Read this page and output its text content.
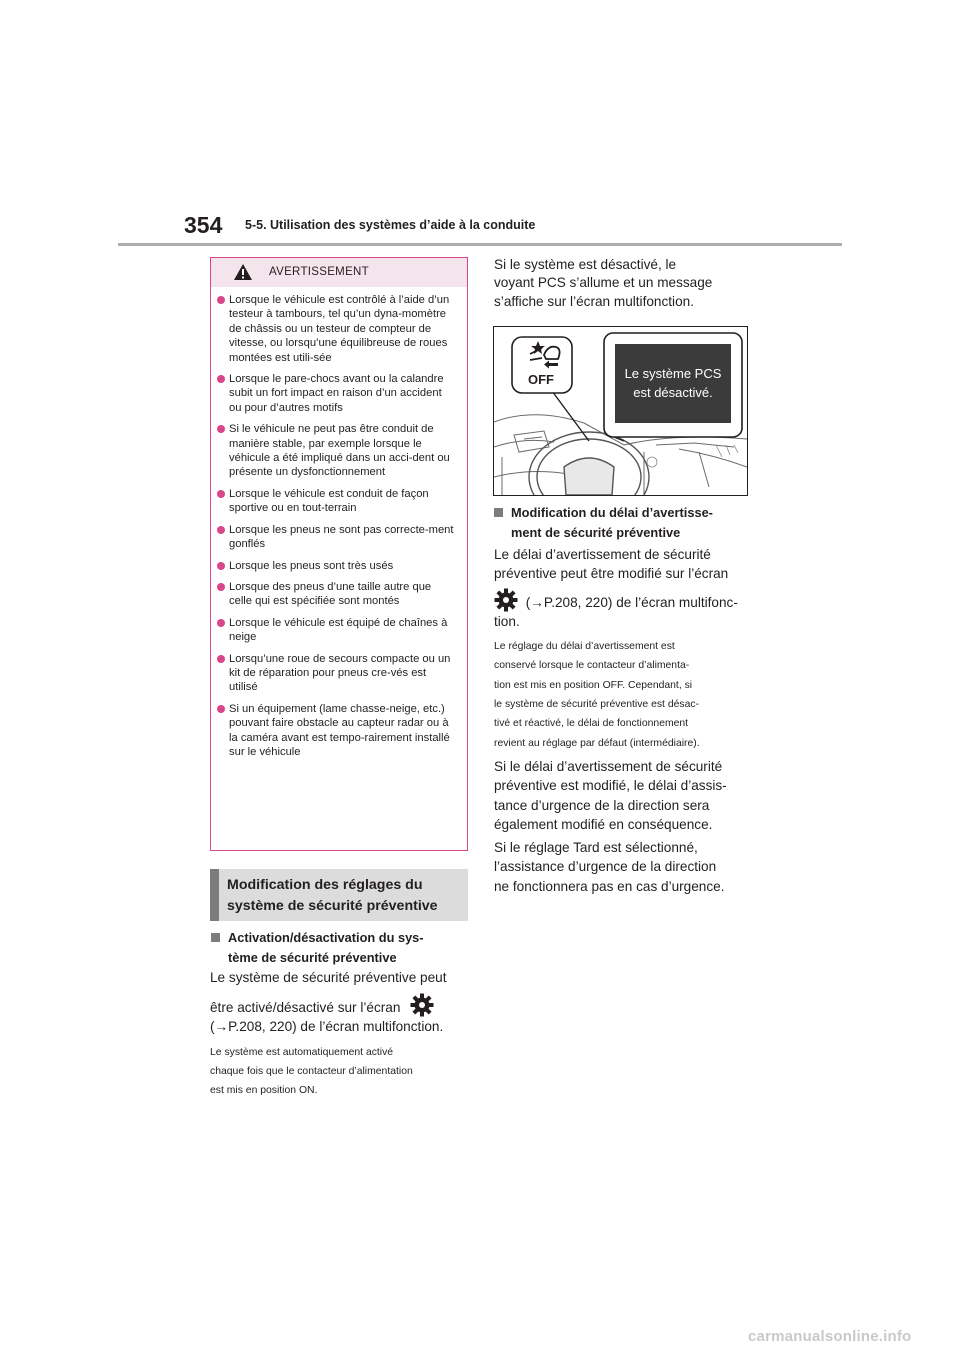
354 5-5. Utilisation des systèmes d’aide à la conduite
AVERTISSEMENT
Lorsque le véhicule est contrôlé à l’aide d’un testeur à tambours, tel qu’un dyna-momètre de châssis ou un testeur de compteur de vitesse, ou lorsqu’une équilibreuse de roues montées est utili-sée
Lorsque le pare-chocs avant ou la calandre subit un fort impact en raison d’un accident ou pour d’autres motifs
Si le véhicule ne peut pas être conduit de manière stable, par exemple lorsque le véhicule a été impliqué dans un acci-dent ou présente un dysfonctionnement
Lorsque le véhicule est conduit de façon sportive ou en tout-terrain
Lorsque les pneus ne sont pas correcte-ment gonflés
Lorsque les pneus sont très usés
Lorsque des pneus d’une taille autre que celle qui est spécifiée sont montés
Lorsque le véhicule est équipé de chaînes à neige
Lorsqu’une roue de secours compacte ou un kit de réparation pour pneus cre-vés est utilisé
Si un équipement (lame chasse-neige, etc.) pouvant faire obstacle au capteur radar ou à la caméra avant est tempo-rairement installé sur le véhicule
Modification des réglages du
système de sécurité préventive
Activation/désactivation du sys-
tème de sécurité préventive
Le système de sécurité préventive peut
être activé/désactivé sur l’écran
(→P.208, 220) de l’écran multifonction.
Le système est automatiquement activé
chaque fois que le contacteur d’alimentation
est mis en position ON.
Si le système est désactivé, le
voyant PCS s’allume et un message
s’affiche sur l’écran multifonction.
OFF	Le système PCS
est désactivé.
Modification du délai d’avertisse-
ment de sécurité préventive
Le délai d’avertissement de sécurité
préventive peut être modifié sur l’écran
(→P.208, 220) de l’écran multifonc-
tion.
Le réglage du délai d’avertissement est
conservé lorsque le contacteur d’alimenta-
tion est mis en position OFF. Cependant, si
le système de sécurité préventive est désac-
tivé et réactivé, le délai de fonctionnement
revient au réglage par défaut (intermédiaire).
Si le délai d’avertissement de sécurité
préventive est modifié, le délai d’assis-
tance d’urgence de la direction sera
également modifié en conséquence.
Si le réglage Tard est sélectionné,
l’assistance d’urgence de la direction
ne fonctionnera pas en cas d’urgence.
carmanualsonline.info
